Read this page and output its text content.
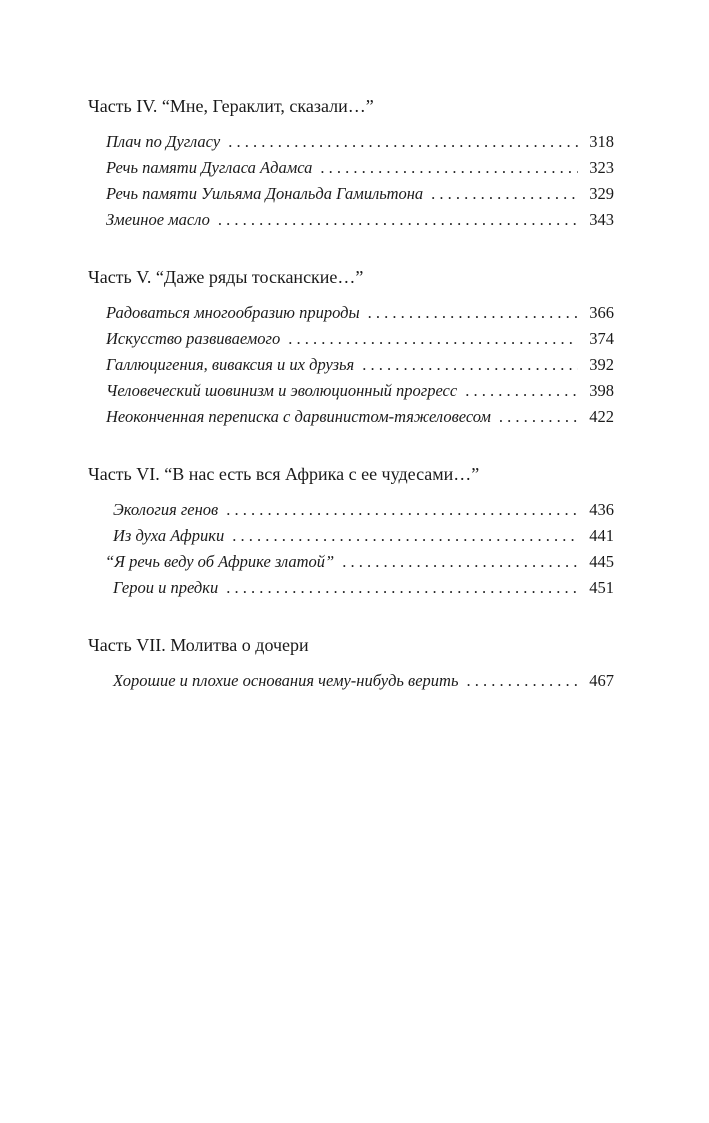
Часть IV. “Мне, Гераклит, сказали…”
Плач по Дугласу . . .	318
Речь памяти Дугласа Адамса . . .	323
Речь памяти Уильяма Дональда Гамильтона . . .	329
Змеиное масло . . .	343
Часть V. “Даже ряды тосканские…”
Радоваться многообразию природы . . .	366
Искусство развиваемого . . .	374
Галлюцигения, виваксия и их друзья . . .	392
Человеческий шовинизм и эволюционный прогресс . . .	398
Неоконченная переписка с дарвинистом-тяжеловесом . . .	422
Часть VI. “В нас есть вся Африка с ее чудесами…”
Экология генов . . .	436
Из духа Африки . . .	441
“Я речь веду об Африке златой” . . .	445
Герои и предки . . .	451
Часть VII. Молитва о дочери
Хорошие и плохие основания чему-нибудь верить . . .	467
